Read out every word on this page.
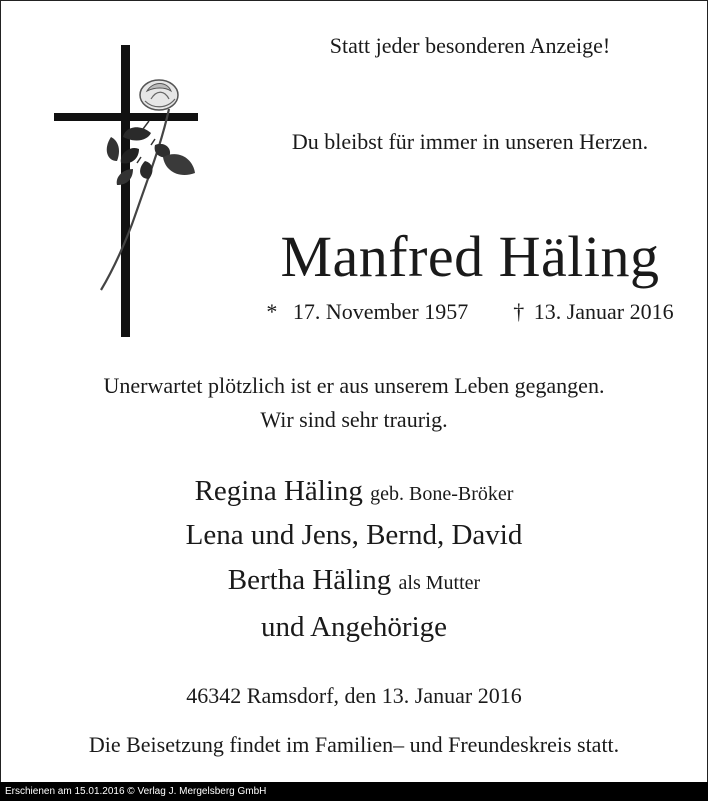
Statt jeder besonderen Anzeige!
Du bleibst für immer in unseren Herzen.
Manfred Häling
* 17. November 1957 † 13. Januar 2016
Unerwartet plötzlich ist er aus unserem Leben gegangen.
Wir sind sehr traurig.
Regina Häling geb. Bone-Bröker
Lena und Jens, Bernd, David
Bertha Häling als Mutter
und Angehörige
46342 Ramsdorf, den 13. Januar 2016
Die Beisetzung findet im Familien– und Freundeskreis statt.
Erschienen am 15.01.2016 © Verlag J. Mergelsberg GmbH
